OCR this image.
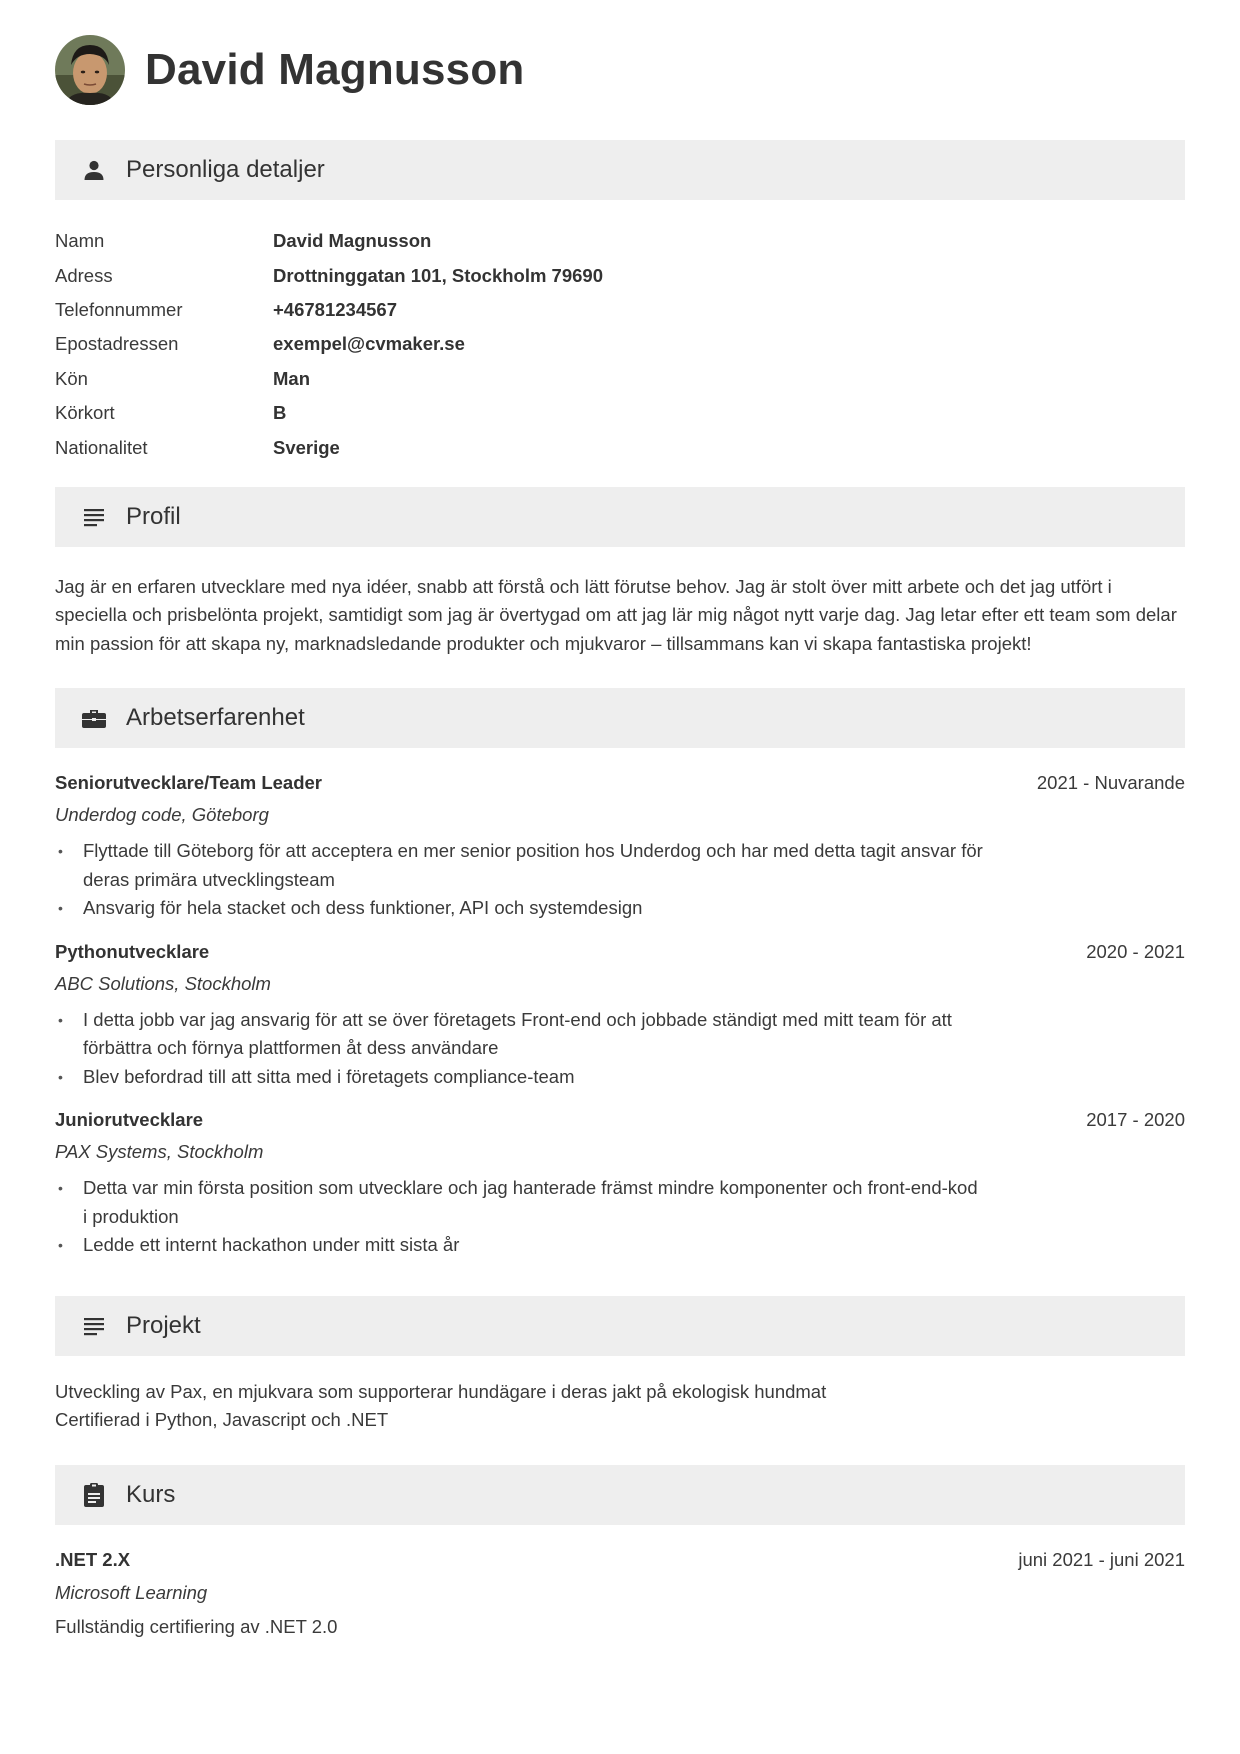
David Magnusson
Personliga detaljer
Namn	David Magnusson
Adress	Drottninggatan 101, Stockholm 79690
Telefonnummer	+46781234567
Epostadressen	exempel@cvmaker.se
Kön	Man
Körkort	B
Nationalitet	Sverige
Profil
Jag är en erfaren utvecklare med nya idéer, snabb att förstå och lätt förutse behov. Jag är stolt över mitt arbete och det jag utfört i speciella och prisbelönta projekt, samtidigt som jag är övertygad om att jag lär mig något nytt varje dag. Jag letar efter ett team som delar min passion för att skapa ny, marknadsledande produkter och mjukvaror – tillsammans kan vi skapa fantastiska projekt!
Arbetserfarenhet
Seniorutvecklare/Team Leader	2021 - Nuvarande
Underdog code, Göteborg
• Flyttade till Göteborg för att acceptera en mer senior position hos Underdog och har med detta tagit ansvar för deras primära utvecklingsteam
• Ansvarig för hela stacket och dess funktioner, API och systemdesign
Pythonutvecklare	2020 - 2021
ABC Solutions, Stockholm
• I detta jobb var jag ansvarig för att se över företagets Front-end och jobbade ständigt med mitt team för att förbättra och förnya plattformen åt dess användare
• Blev befordrad till att sitta med i företagets compliance-team
Juniorutvecklare	2017 - 2020
PAX Systems, Stockholm
• Detta var min första position som utvecklare och jag hanterade främst mindre komponenter och front-end-kod i produktion
• Ledde ett internt hackathon under mitt sista år
Projekt
Utveckling av Pax, en mjukvara som supporterar hundägare i deras jakt på ekologisk hundmat
Certifierad i Python, Javascript och .NET
Kurs
.NET 2.X	juni 2021 - juni 2021
Microsoft Learning
Fullständig certifiering av .NET 2.0
